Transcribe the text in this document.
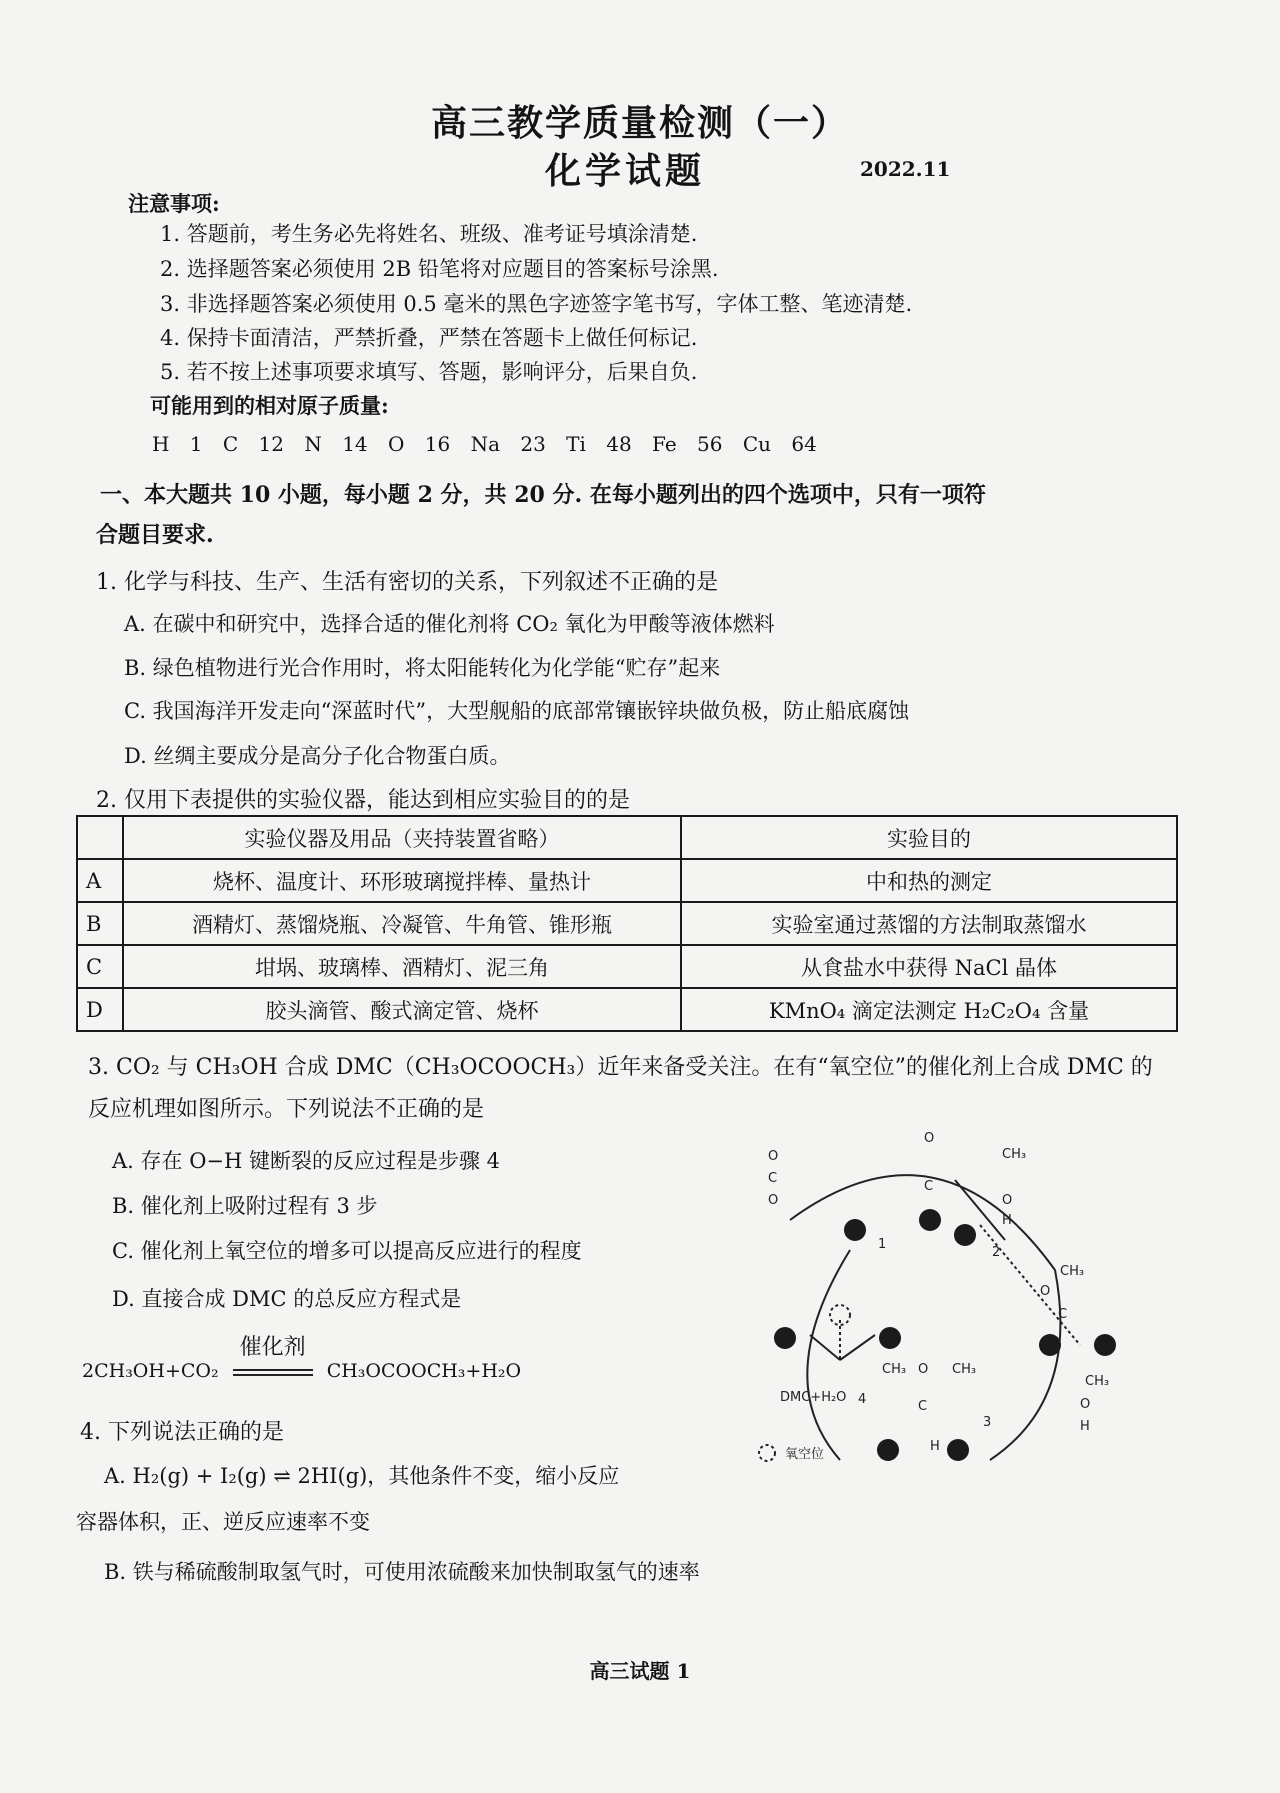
高三教学质量检测（一）
化学试题	2022.11
注意事项:
1. 答题前，考生务必先将姓名、班级、准考证号填涂清楚.
2. 选择题答案必须使用 2B 铅笔将对应题目的答案标号涂黑.
3. 非选择题答案必须使用 0.5 毫米的黑色字迹签字笔书写，字体工整、笔迹清楚.
4. 保持卡面清洁，严禁折叠，严禁在答题卡上做任何标记.
5. 若不按上述事项要求填写、答题，影响评分，后果自负.
可能用到的相对原子质量:
H 1 C 12 N 14 O 16 Na 23 Ti 48 Fe 56 Cu 64
一、本大题共 10 小题，每小题 2 分，共 20 分. 在每小题列出的四个选项中，只有一项符
合题目要求.
1. 化学与科技、生产、生活有密切的关系，下列叙述不正确的是
A. 在碳中和研究中，选择合适的催化剂将 CO₂ 氧化为甲酸等液体燃料
B. 绿色植物进行光合作用时，将太阳能转化为化学能“贮存”起来
C. 我国海洋开发走向“深蓝时代”，大型舰船的底部常镶嵌锌块做负极，防止船底腐蚀
D. 丝绸主要成分是高分子化合物蛋白质。
2. 仅用下表提供的实验仪器，能达到相应实验目的的是
	实验仪器及用品（夹持装置省略）	实验目的
A	烧杯、温度计、环形玻璃搅拌棒、量热计	中和热的测定
B	酒精灯、蒸馏烧瓶、冷凝管、牛角管、锥形瓶	实验室通过蒸馏的方法制取蒸馏水
C	坩埚、玻璃棒、酒精灯、泥三角	从食盐水中获得 NaCl 晶体
D	胶头滴管、酸式滴定管、烧杯	KMnO₄ 滴定法测定 H₂C₂O₄ 含量
3. CO₂ 与 CH₃OH 合成 DMC（CH₃OCOOCH₃）近年来备受关注。在有“氧空位”的催化剂上合成 DMC 的
反应机理如图所示。下列说法不正确的是
A. 存在 O−H 键断裂的反应过程是步骤 4
B. 催化剂上吸附过程有 3 步
C. 催化剂上氧空位的增多可以提高反应进行的程度
D. 直接合成 DMC 的总反应方程式是
2CH₃OH+CO₂
催化剂
CH₃OCOOCH₃+H₂O
O
C
O
O
C
CH₃
O
H
CH₃
O
C
CH₃
O
H
CH₃ O CH₃
C
H
DMC+H₂O
氧空位
1
2
3
4
4. 下列说法正确的是
A. H₂(g) + I₂(g) ⇌ 2HI(g)，其他条件不变，缩小反应
容器体积，正、逆反应速率不变
B. 铁与稀硫酸制取氢气时，可使用浓硫酸来加快制取氢气的速率
高三试题 1
